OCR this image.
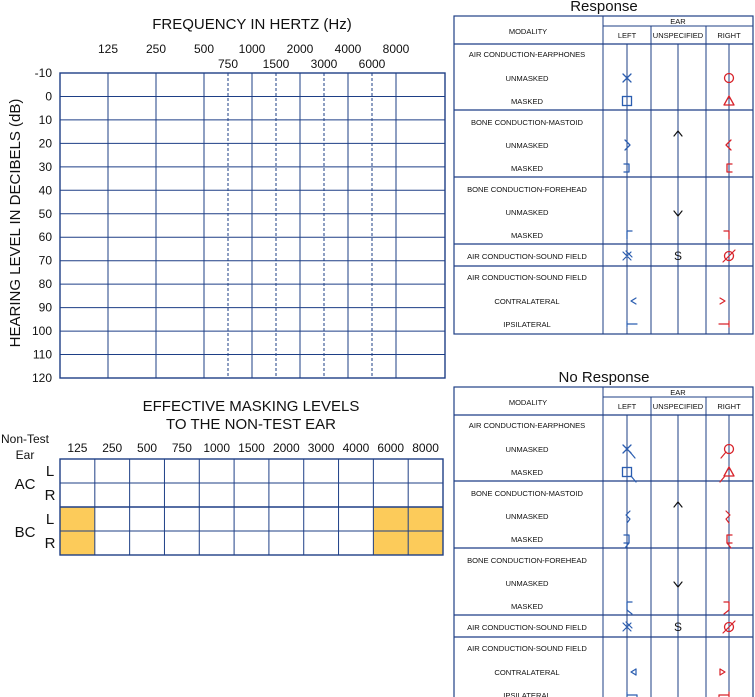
FREQUENCY IN HERTZ (Hz)
125 250 500 1000 2000 4000 8000
750 1500 3000 6000
-10
0
10
20
30
40
50
60
70
80
90
100
110
120
HEARING LEVEL IN DECIBELS (dB)
EFFECTIVE MASKING LEVELS
TO THE NON-TEST EAR
Non-Test
Ear	125 250 500 750 1000 1500 2000 3000 4000 6000 8000
L
R
L
R
AC
BC
Response
MODALITY
EAR
LEFT UNSPECIFIED RIGHT
AIR CONDUCTION-EARPHONES
UNMASKED
MASKED
BONE CONDUCTION-MASTOID
UNMASKED
MASKED
BONE CONDUCTION-FOREHEAD
UNMASKED
MASKED
AIR CONDUCTION-SOUND FIELD
AIR CONDUCTION-SOUND FIELD
CONTRALATERAL
IPSILATERAL
S
No Response
MODALITY
EAR
LEFT UNSPECIFIED RIGHT
AIR CONDUCTION-EARPHONES
UNMASKED
MASKED
BONE CONDUCTION-MASTOID
UNMASKED
MASKED
BONE CONDUCTION-FOREHEAD
UNMASKED
MASKED
AIR CONDUCTION-SOUND FIELD
AIR CONDUCTION-SOUND FIELD
CONTRALATERAL
IPSILATERAL
S
